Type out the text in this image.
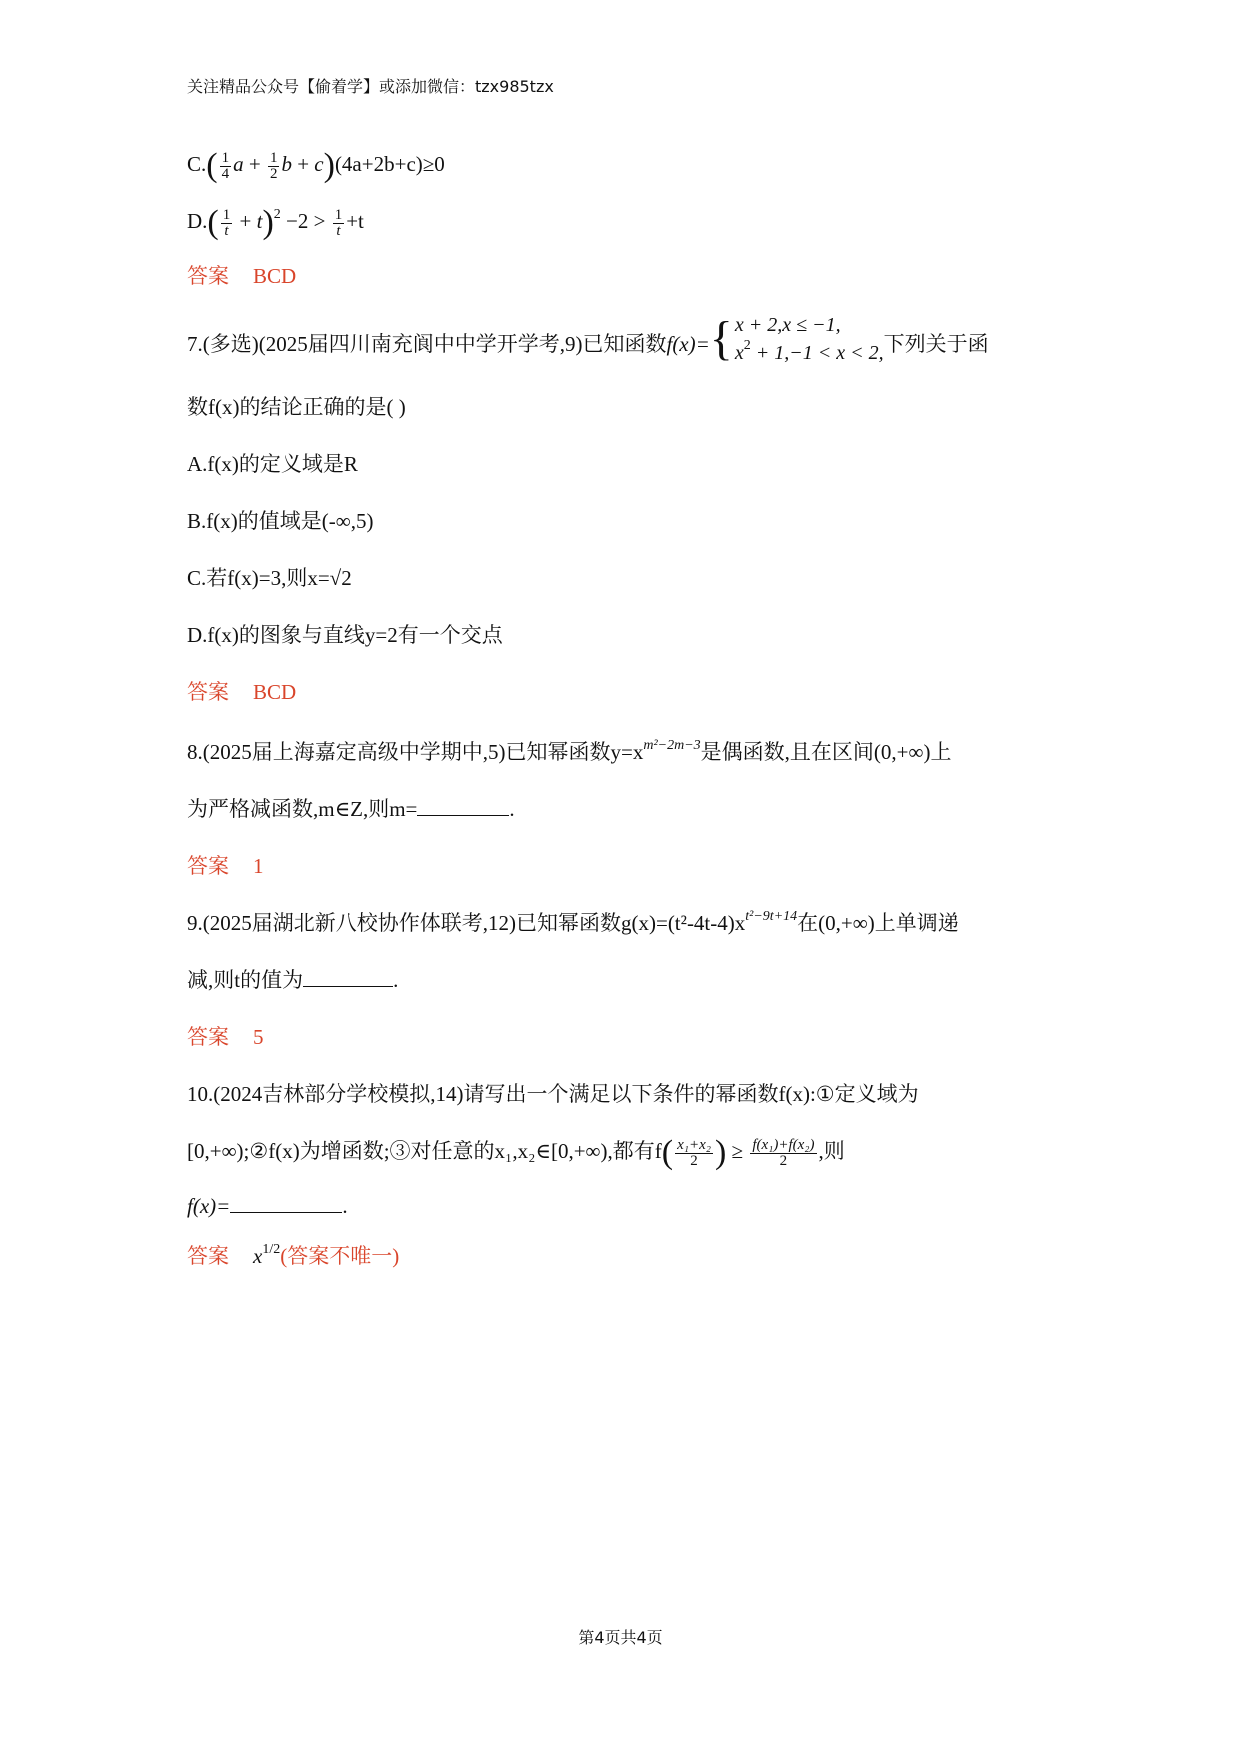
关注精品公众号【偷着学】或添加微信：tzx985tzx
$C.( \frac{1}{4}$ $a + \frac{1}{2}$ b + c)(4a+2b+c)≥0
$D.( \frac{1}{t} + t)^2 -2 > \frac{1}{t} +t$
答案 BCD
7.(多选)(2025届四川南充阆中中学开学考,9)已知函数f(x)= { x + 2,x ≤ −1,
$x^2 + 1,-1 < x < 2$, 下列关于函
数f(x)的结论正确的是( )
A.f(x)的定义域是R
B.f(x)的值域是(-∞,5)
C.若f(x)=3,则x=√2
D.f(x)的图象与直线y=2有一个交点
答案 BCD
8.(2025届上海嘉定高级中学期中,5)已知幂函数$y=x^{m^2-2m-3}$是偶函数,且在区间(0,+∞)上
为严格减函数,m∈Z,则m=	.
答案 1
9.(2025届湖北新八校协作体联考,12)已知幂函数$g(x)=(t^2-4t-4)x^{t^2-9t+14}$在(0,+∞)上单调递
减,则t的值为	.
答案 5
10.(2024吉林部分学校模拟,14)请写出一个满足以下条件的幂函数f(x):①定义域为
[0,+∞);②f(x)为增函数;③对任意的x₁,x₂∈[0,+∞),都有$f( \frac{\text{x₁+x₂}}{2}$ ) ≥ $\frac{\text{f(x₁)+f(x₂)}}{2}$ ,则
f(x)=	.
答案 $x^{1/2}$(答案不唯一)
第4页共4页
